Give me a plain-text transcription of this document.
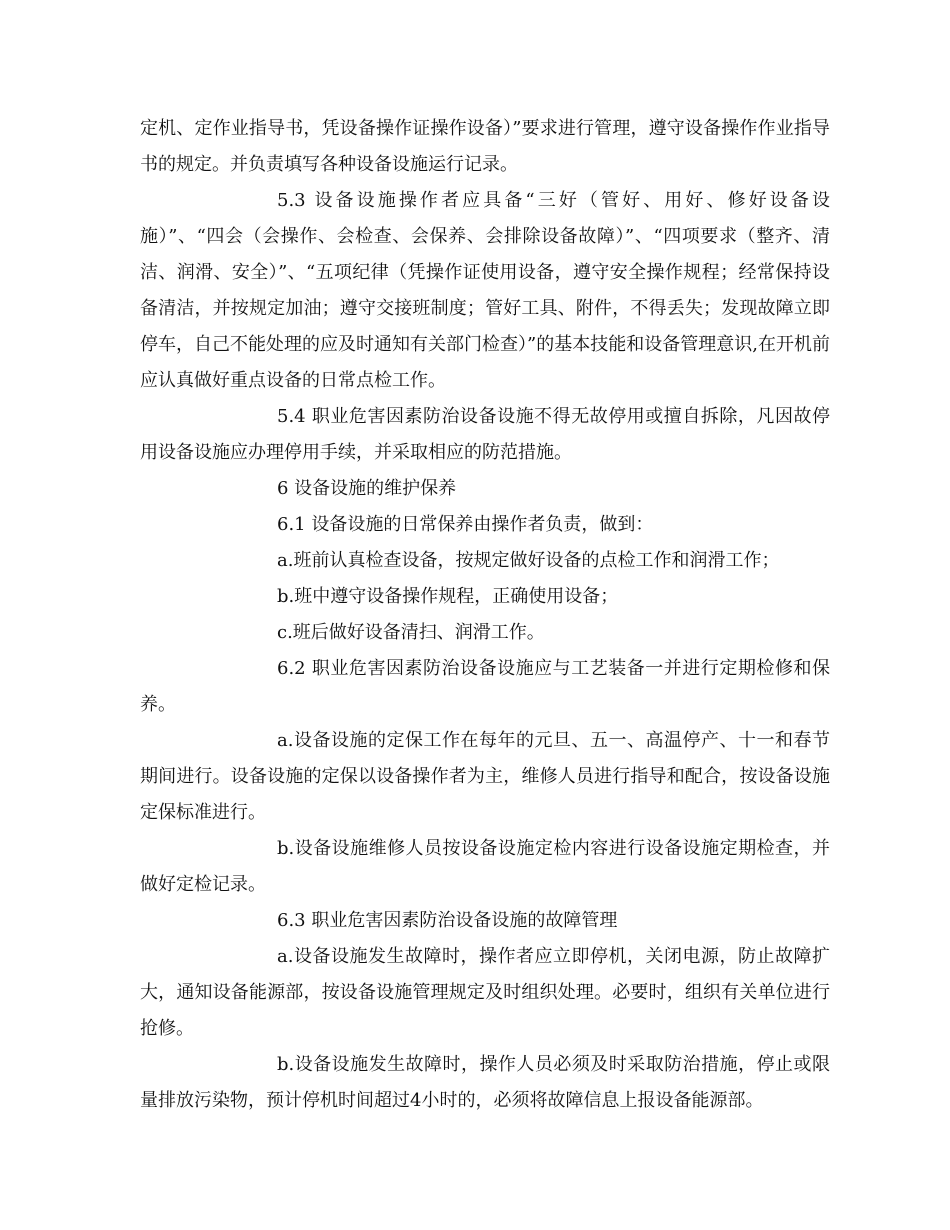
定机、定作业指导书，凭设备操作证操作设备）”要求进行管理，遵守设备操作作业指导书的规定。并负责填写各种设备设施运行记录。

5.3 设备设施操作者应具备“三好（管好、用好、修好设备设施）”、“四会（会操作、会检查、会保养、会排除设备故障）”、“四项要求（整齐、清洁、润滑、安全）”、“五项纪律（凭操作证使用设备，遵守安全操作规程；经常保持设备清洁，并按规定加油；遵守交接班制度；管好工具、附件，不得丢失；发现故障立即停车，自己不能处理的应及时通知有关部门检查）”的基本技能和设备管理意识,在开机前应认真做好重点设备的日常点检工作。

5.4 职业危害因素防治设备设施不得无故停用或擅自拆除，凡因故停用设备设施应办理停用手续，并采取相应的防范措施。

6 设备设施的维护保养

6.1 设备设施的日常保养由操作者负责，做到：

a.班前认真检查设备，按规定做好设备的点检工作和润滑工作；

b.班中遵守设备操作规程，正确使用设备；

c.班后做好设备清扫、润滑工作。

6.2 职业危害因素防治设备设施应与工艺装备一并进行定期检修和保养。

a.设备设施的定保工作在每年的元旦、五一、高温停产、十一和春节期间进行。设备设施的定保以设备操作者为主，维修人员进行指导和配合，按设备设施定保标准进行。

b.设备设施维修人员按设备设施定检内容进行设备设施定期检查，并做好定检记录。

6.3 职业危害因素防治设备设施的故障管理

a.设备设施发生故障时，操作者应立即停机，关闭电源，防止故障扩大，通知设备能源部，按设备设施管理规定及时组织处理。必要时，组织有关单位进行抢修。

b.设备设施发生故障时，操作人员必须及时采取防治措施，停止或限量排放污染物，预计停机时间超过4小时的，必须将故障信息上报设备能源部。
